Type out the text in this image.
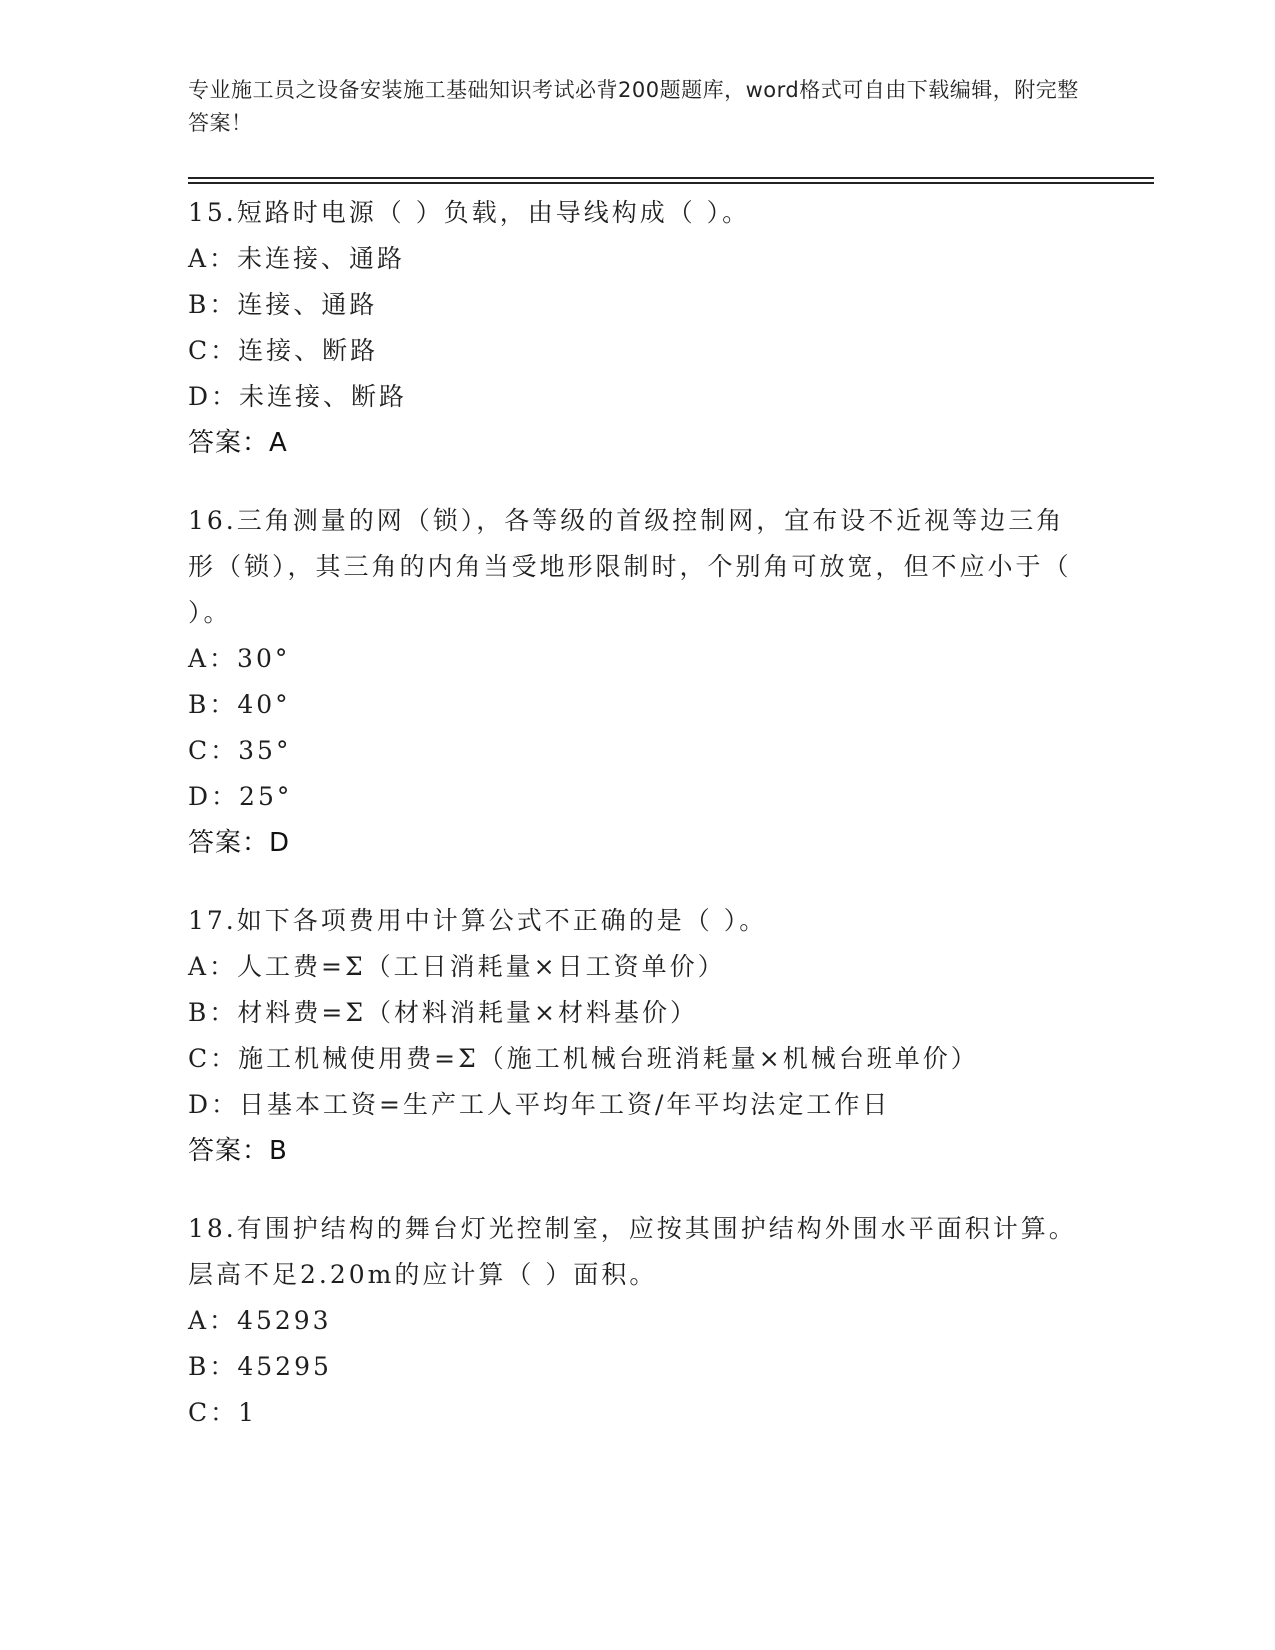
专业施工员之设备安装施工基础知识考试必背200题题库，word格式可自由下载编辑，附完整答案！
15.短路时电源（ ）负载，由导线构成（ ）。
A：未连接、通路
B：连接、通路
C：连接、断路
D：未连接、断路
答案：A
16.三角测量的网（锁），各等级的首级控制网，宜布设不近视等边三角形（锁），其三角的内角当受地形限制时，个别角可放宽，但不应小于（ ）。
A：30°
B：40°
C：35°
D：25°
答案：D
17.如下各项费用中计算公式不正确的是（ ）。
A：人工费=Σ（工日消耗量×日工资单价）
B：材料费=Σ（材料消耗量×材料基价）
C：施工机械使用费=Σ（施工机械台班消耗量×机械台班单价）
D：日基本工资=生产工人平均年工资/年平均法定工作日
答案：B
18.有围护结构的舞台灯光控制室，应按其围护结构外围水平面积计算。层高不足2.20m的应计算（ ）面积。
A：45293
B：45295
C：1
